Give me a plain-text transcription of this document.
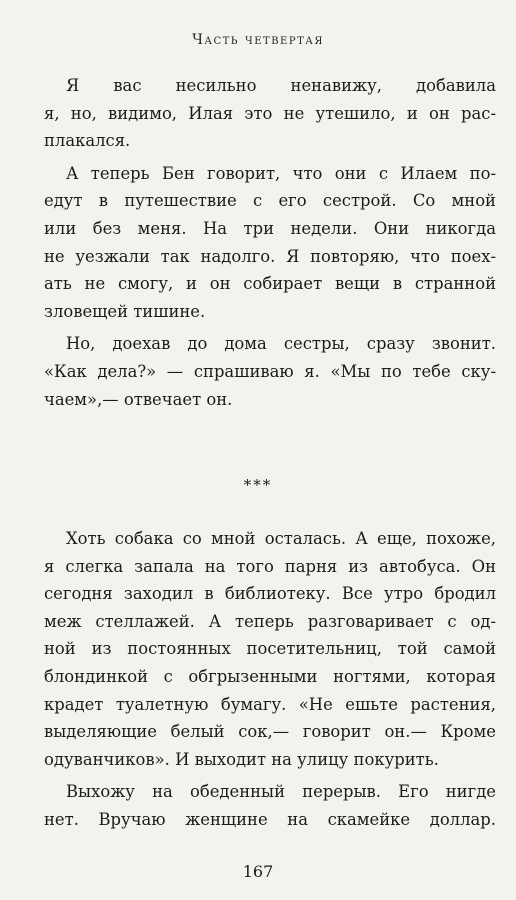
Часть четвертая
Я вас несильно ненавижу, добавила
я, но, видимо, Илая это не утешило, и он рас-
плакался.
А теперь Бен говорит, что они с Илаем по-
едут в путешествие с его сестрой. Со мной
или без меня. На три недели. Они никогда
не уезжали так надолго. Я повторяю, что поех-
ать не смогу, и он собирает вещи в странной
зловещей тишине.
Но, доехав до дома сестры, сразу звонит.
«Как дела?» — спрашиваю я. «Мы по тебе ску-
чаем»,— отвечает он.
***
Хоть собака со мной осталась. А еще, похоже,
я слегка запала на того парня из автобуса. Он
сегодня заходил в библиотеку. Все утро бродил
меж стеллажей. А теперь разговаривает с од-
ной из постоянных посетительниц, той самой
блондинкой с обгрызенными ногтями, которая
крадет туалетную бумагу. «Не ешьте растения,
выделяющие белый сок,— говорит он.— Кроме
одуванчиков». И выходит на улицу покурить.
Выхожу на обеденный перерыв. Его нигде
нет. Вручаю женщине на скамейке доллар.
167
